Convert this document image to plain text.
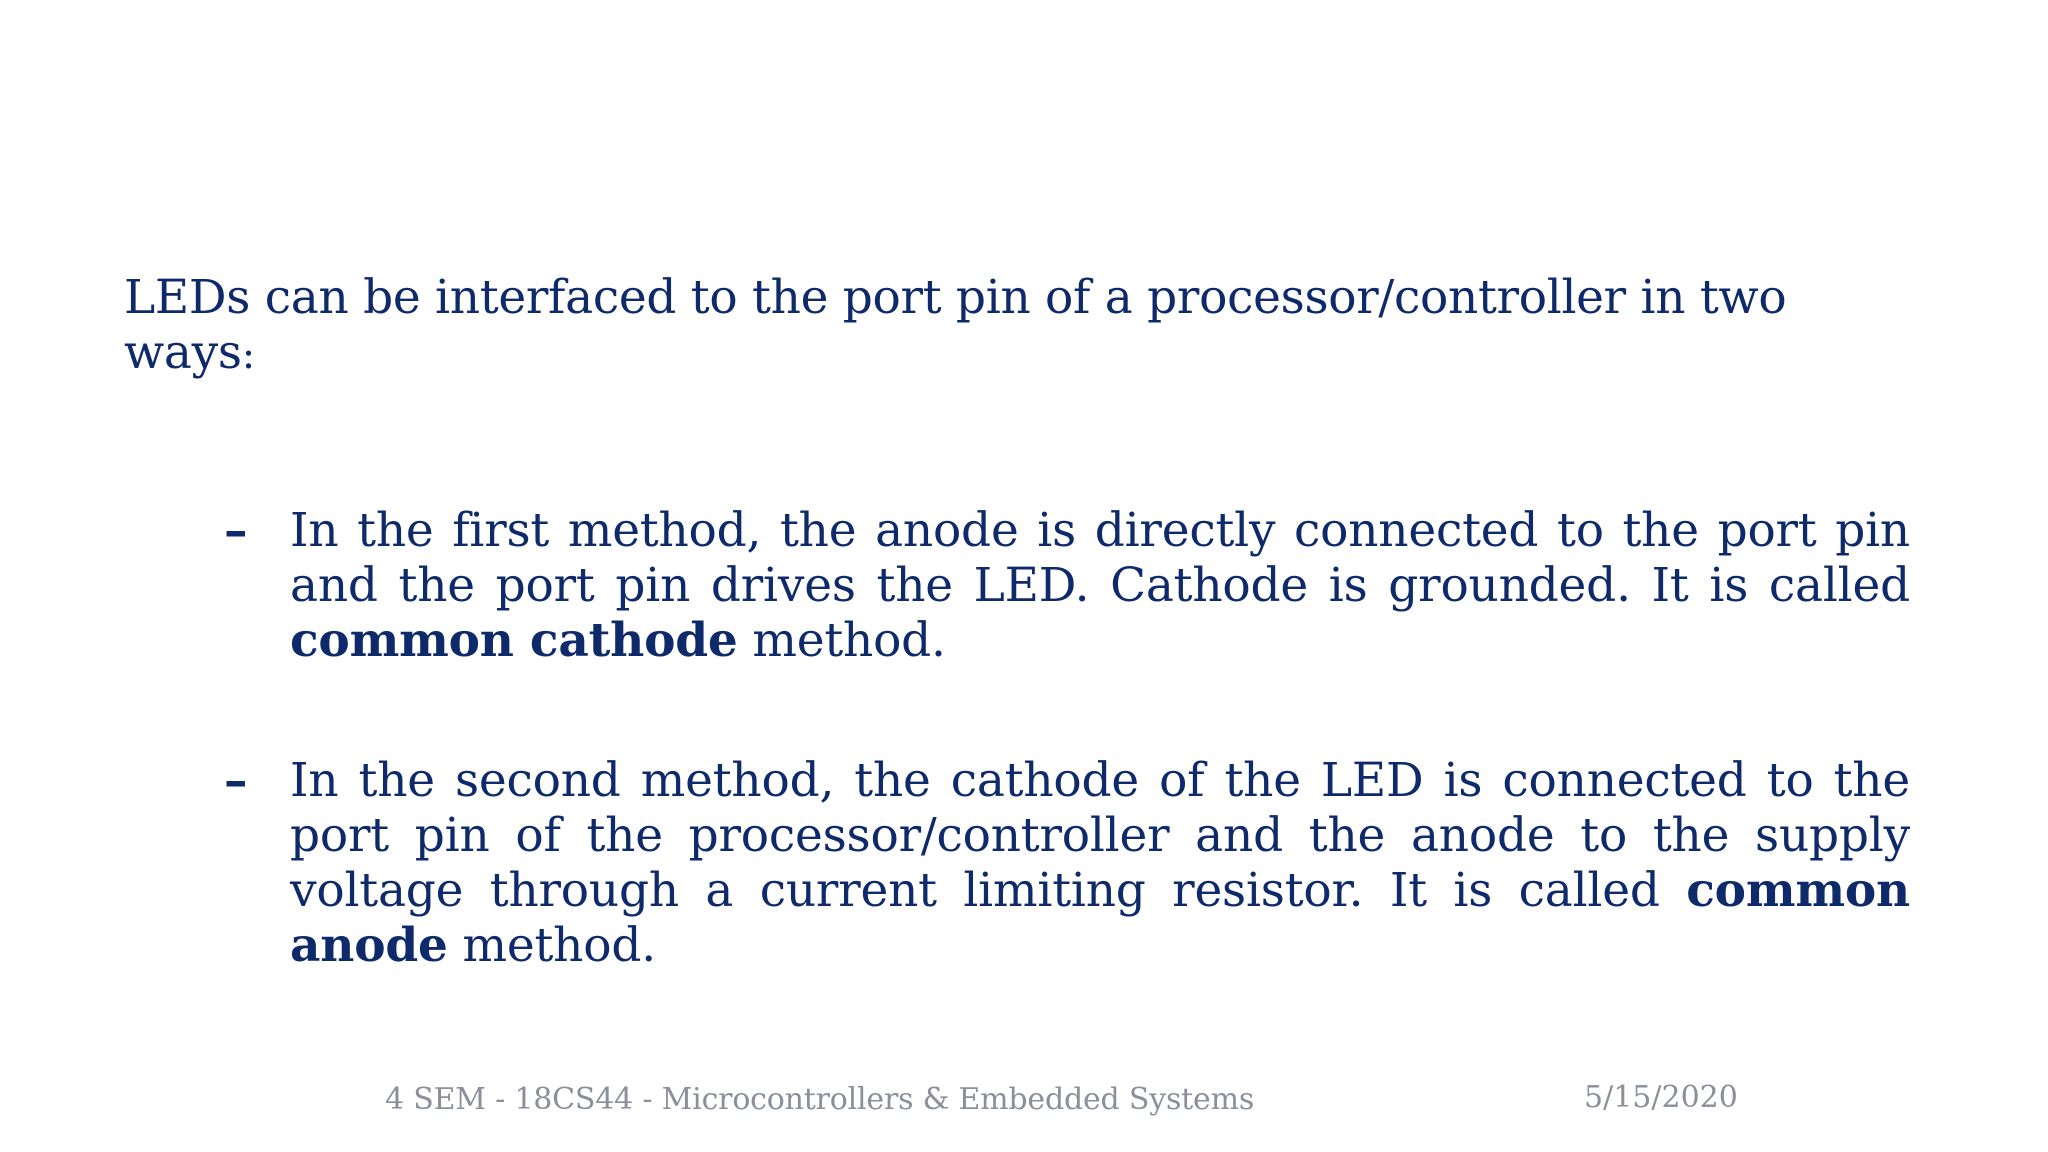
LEDs can be interfaced to the port pin of a processor/controller in two ways:

– In the first method, the anode is directly connected to the port pin and the port pin drives the LED. Cathode is grounded. It is called common cathode method.
– In the second method, the cathode of the LED is connected to the port pin of the processor/controller and the anode to the supply voltage through a current limiting resistor. It is called common anode method.
4 SEM - 18CS44 - Microcontrollers & Embedded Systems	5/15/2020
